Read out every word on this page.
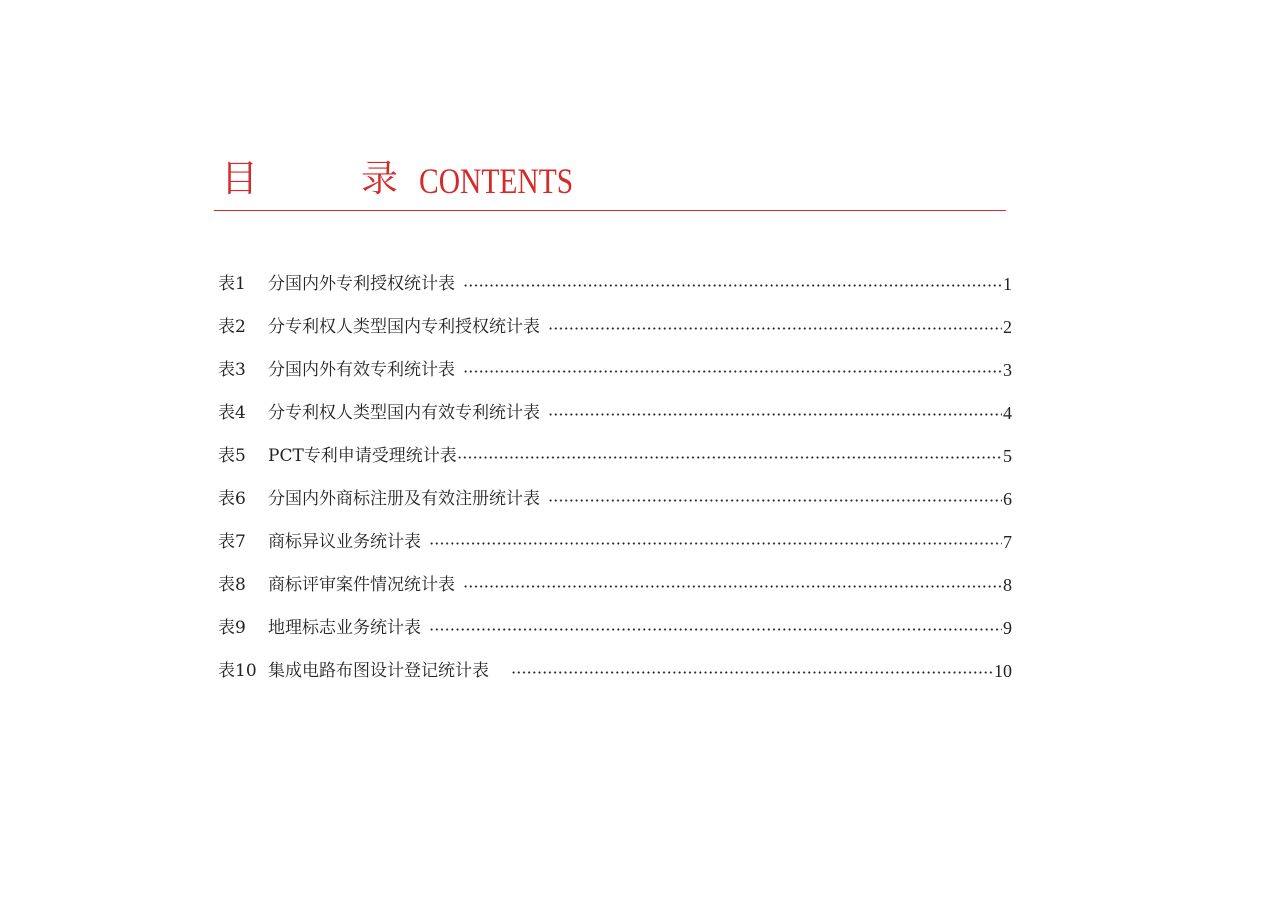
目	录 CONTENTS
表1	分国内外专利授权统计表	1
表2	分专利权人类型国内专利授权统计表	2
表3	分国内外有效专利统计表	3
表4	分专利权人类型国内有效专利统计表	4
表5	PCT专利申请受理统计表	5
表6	分国内外商标注册及有效注册统计表	6
表7	商标异议业务统计表	7
表8	商标评审案件情况统计表	8
表9	地理标志业务统计表	9
表10 集成电路布图设计登记统计表	10
